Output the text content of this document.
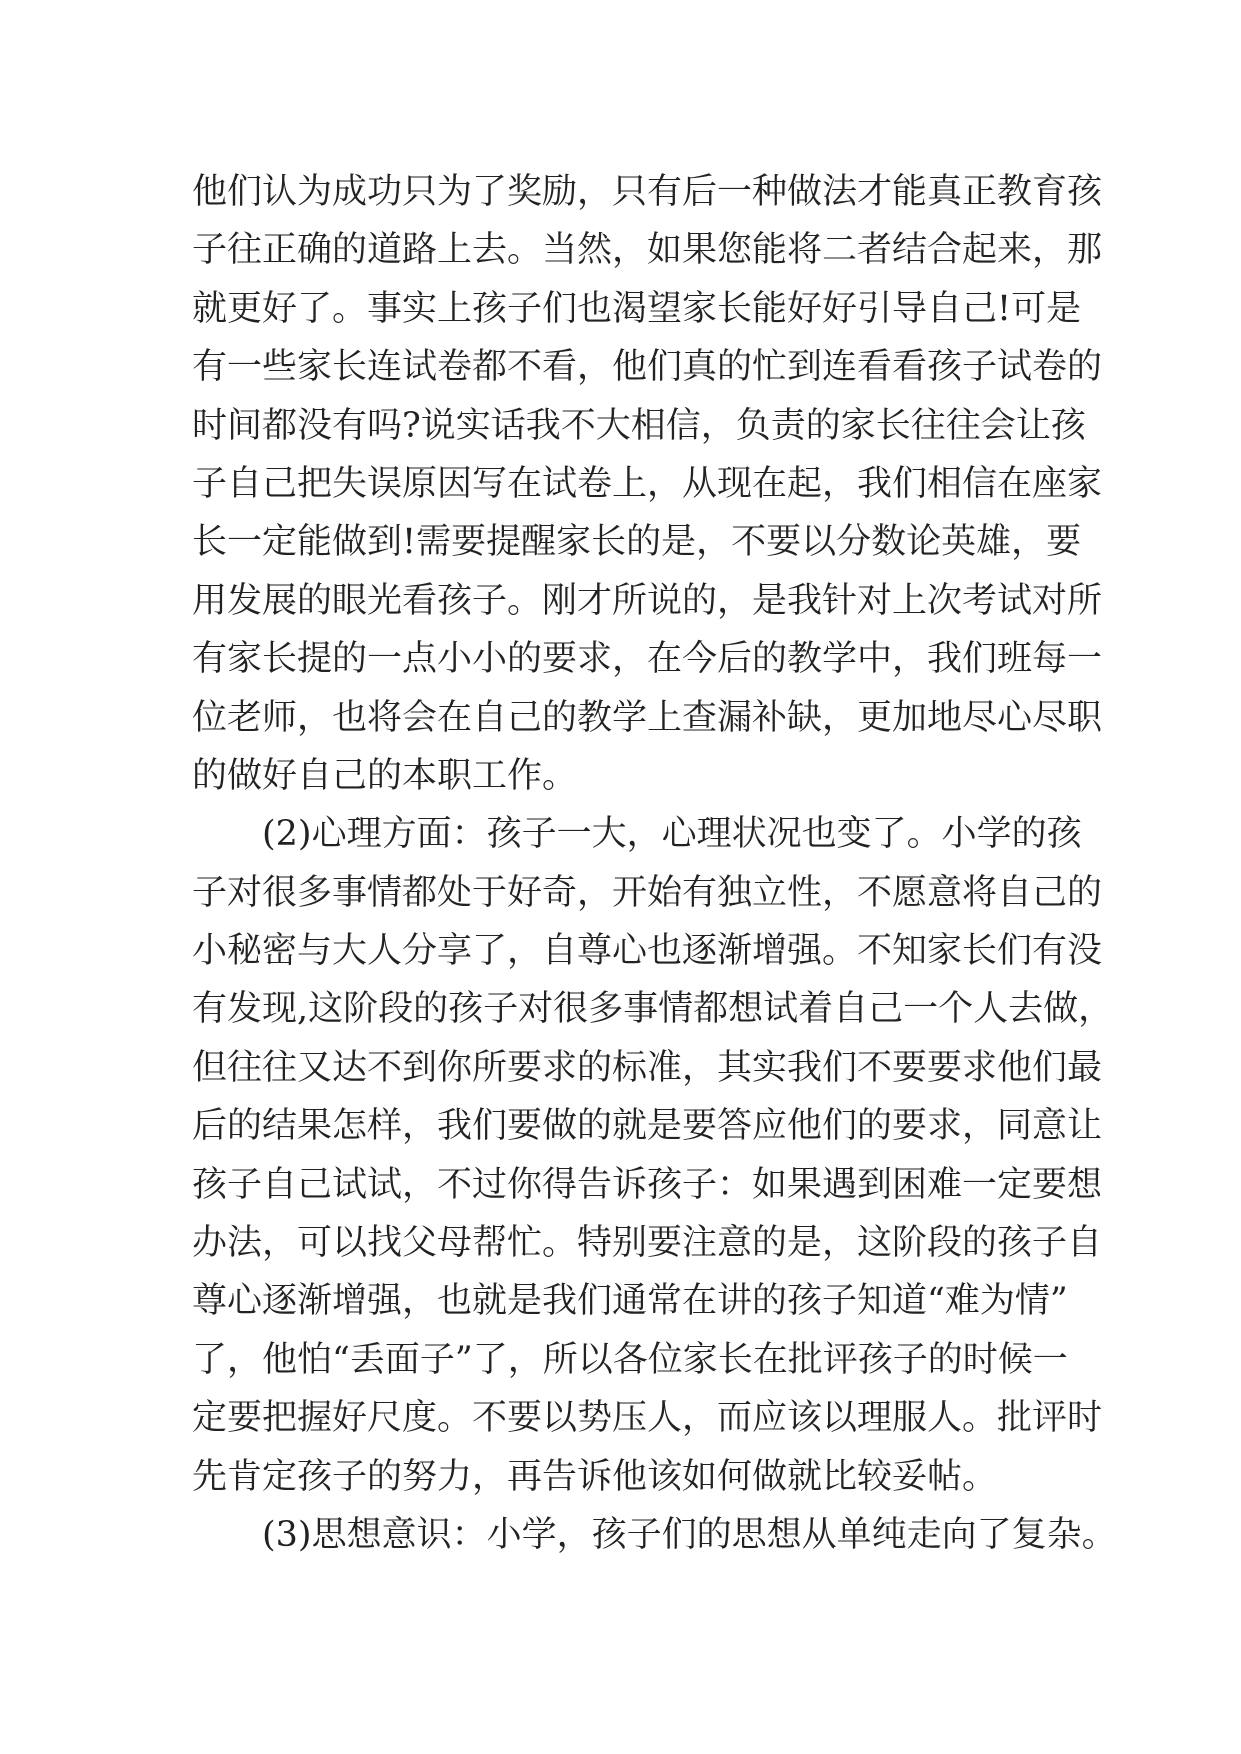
他们认为成功只为了奖励，只有后一种做法才能真正教育孩
子往正确的道路上去。当然，如果您能将二者结合起来，那
就更好了。事实上孩子们也渴望家长能好好引导自己!可是
有一些家长连试卷都不看，他们真的忙到连看看孩子试卷的
时间都没有吗?说实话我不大相信，负责的家长往往会让孩
子自己把失误原因写在试卷上，从现在起，我们相信在座家
长一定能做到!需要提醒家长的是，不要以分数论英雄，要
用发展的眼光看孩子。刚才所说的，是我针对上次考试对所
有家长提的一点小小的要求，在今后的教学中，我们班每一
位老师，也将会在自己的教学上查漏补缺，更加地尽心尽职
的做好自己的本职工作。
(2)心理方面：孩子一大，心理状况也变了。小学的孩
子对很多事情都处于好奇，开始有独立性，不愿意将自己的
小秘密与大人分享了，自尊心也逐渐增强。不知家长们有没
有发现,这阶段的孩子对很多事情都想试着自己一个人去做，
但往往又达不到你所要求的标准，其实我们不要要求他们最
后的结果怎样，我们要做的就是要答应他们的要求，同意让
孩子自己试试，不过你得告诉孩子：如果遇到困难一定要想
办法，可以找父母帮忙。特别要注意的是，这阶段的孩子自
尊心逐渐增强，也就是我们通常在讲的孩子知道“难为情”
了，他怕“丢面子”了，所以各位家长在批评孩子的时候一
定要把握好尺度。不要以势压人，而应该以理服人。批评时
先肯定孩子的努力，再告诉他该如何做就比较妥帖。
(3)思想意识：小学，孩子们的思想从单纯走向了复杂。
